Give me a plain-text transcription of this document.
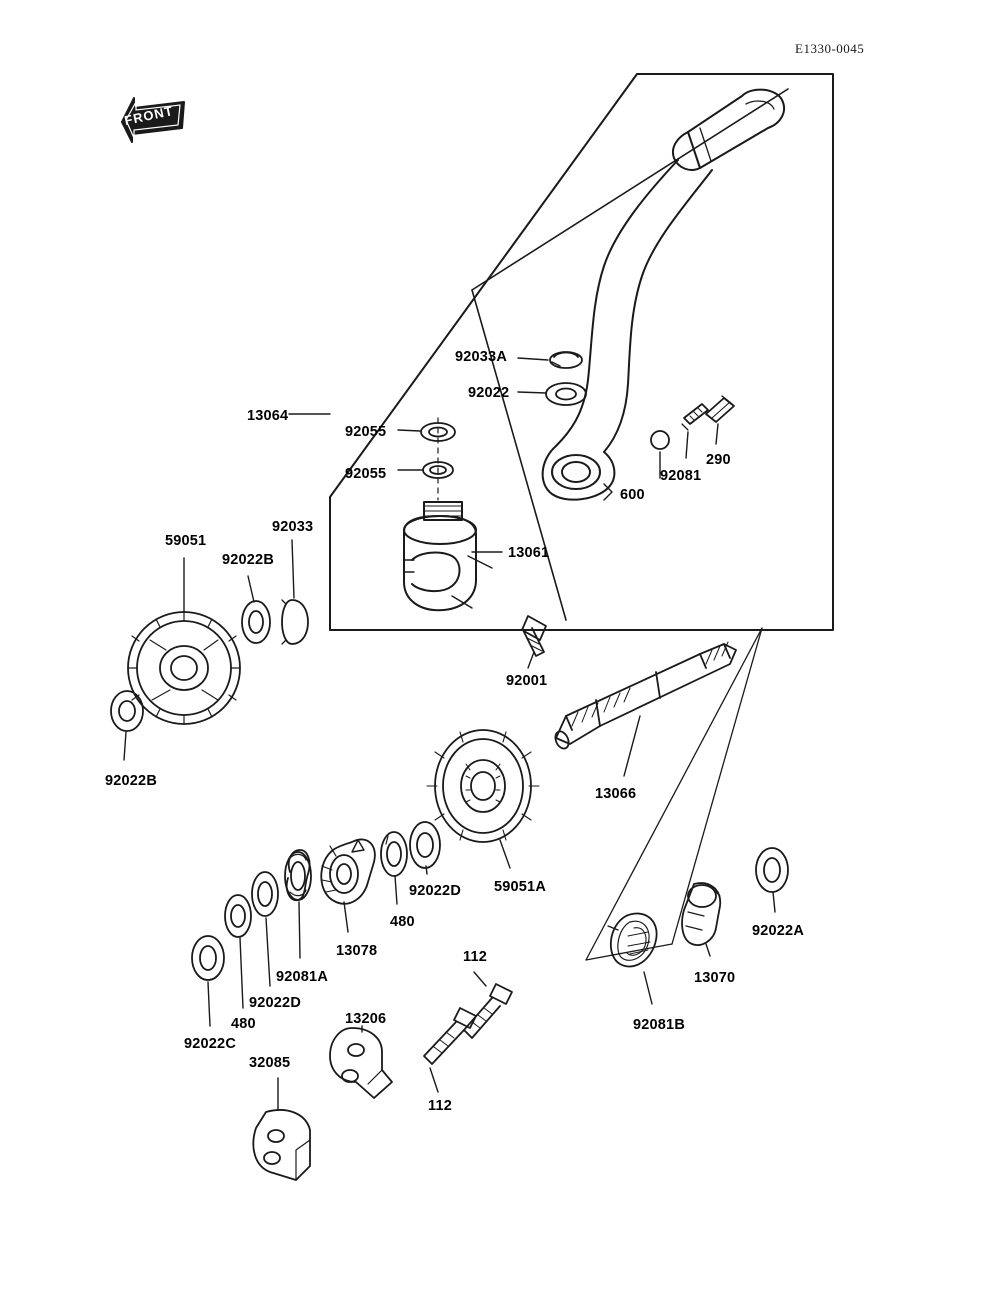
E1330-0045
FRONT
92033A
92022
13064
92055
92055
290
92081
600
13061
59051
92033
92022B
92001
92022B
13066
59051A
92022D
480
13078
92081A
92022A
13070
92081B
112
92022D
480	13206
92022C
32085
112
